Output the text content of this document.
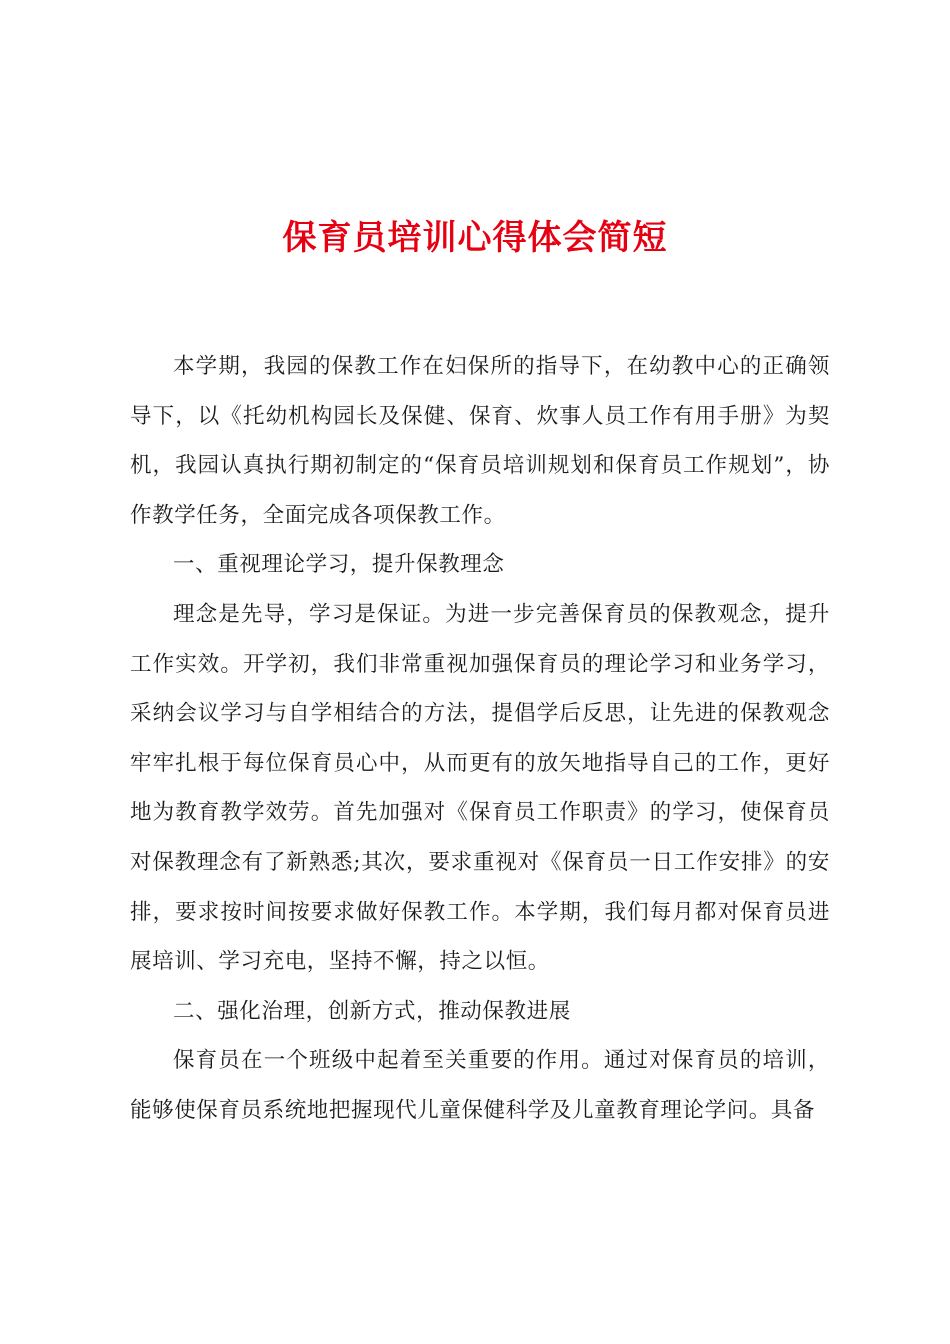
保育员培训心得体会简短

本学期，我园的保教工作在妇保所的指导下，在幼教中心的正确领导下，以《托幼机构园长及保健、保育、炊事人员工作有用手册》为契机，我园认真执行期初制定的“保育员培训规划和保育员工作规划”，协作教学任务，全面完成各项保教工作。

一、重视理论学习，提升保教理念

理念是先导，学习是保证。为进一步完善保育员的保教观念，提升工作实效。开学初，我们非常重视加强保育员的理论学习和业务学习，采纳会议学习与自学相结合的方法，提倡学后反思，让先进的保教观念牢牢扎根于每位保育员心中，从而更有的放矢地指导自己的工作，更好地为教育教学效劳。首先加强对《保育员工作职责》的学习，使保育员对保教理念有了新熟悉;其次，要求重视对《保育员一日工作安排》的安排，要求按时间按要求做好保教工作。本学期，我们每月都对保育员进展培训、学习充电，坚持不懈，持之以恒。

二、强化治理，创新方式，推动保教进展

保育员在一个班级中起着至关重要的作用。通过对保育员的培训，能够使保育员系统地把握现代儿童保健科学及儿童教育理论学问。具备
